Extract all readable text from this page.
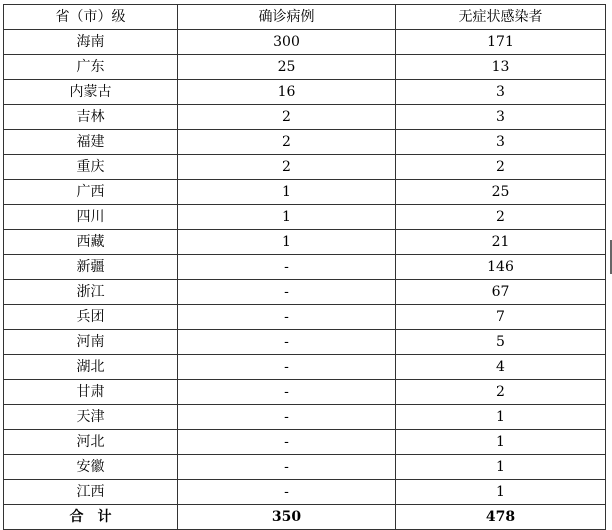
省（市）级	确诊病例	无症状感染者
海南	300	171
广东	25	13
内蒙古	16	3
吉林	2	3
福建	2	3
重庆	2	2
广西	1	25
四川	1	2
西藏	1	21
新疆	-	146
浙江	-	67
兵团	-	7
河南	-	5
湖北	-	4
甘肃	-	2
天津	-	1
河北	-	1
安徽	-	1
江西	-	1
合　计	350	478
